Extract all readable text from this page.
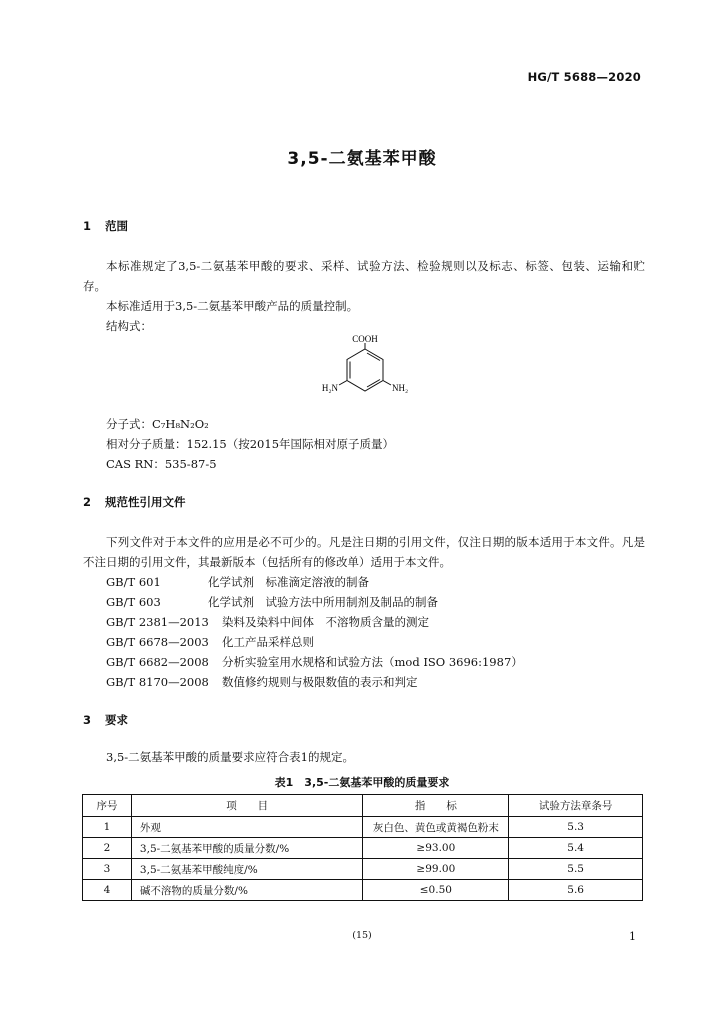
HG/T 5688—2020
3,5-二氨基苯甲酸
1 范围
本标准规定了3,5-二氨基苯甲酸的要求、采样、试验方法、检验规则以及标志、标签、包装、运输和贮存。
本标准适用于3,5-二氨基苯甲酸产品的质量控制。
结构式：
COOH
H₂N	NH₂
分子式：C₇H₈N₂O₂
相对分子质量：152.15（按2015年国际相对原子质量）
CAS RN：535-87-5
2 规范性引用文件
下列文件对于本文件的应用是必不可少的。凡是注日期的引用文件，仅注日期的版本适用于本文件。凡是不注日期的引用文件，其最新版本（包括所有的修改单）适用于本文件。
GB/T 601	化学试剂　标准滴定溶液的制备
GB/T 603	化学试剂　试验方法中所用制剂及制品的制备
GB/T 2381—2013 染料及染料中间体　不溶物质含量的测定
GB/T 6678—2003 化工产品采样总则
GB/T 6682—2008 分析实验室用水规格和试验方法（mod ISO 3696:1987）
GB/T 8170—2008 数值修约规则与极限数值的表示和判定
3 要求
3,5-二氨基苯甲酸的质量要求应符合表1的规定。
表1　3,5-二氨基苯甲酸的质量要求
序号	项　　目	指　　标	试验方法章条号
1	外观	灰白色、黄色或黄褐色粉末	5.3
2	3,5-二氨基苯甲酸的质量分数/%	≥93.00	5.4
3	3,5-二氨基苯甲酸纯度/%	≥99.00	5.5
4	碱不溶物的质量分数/%	≤0.50	5.6
(15)	1
